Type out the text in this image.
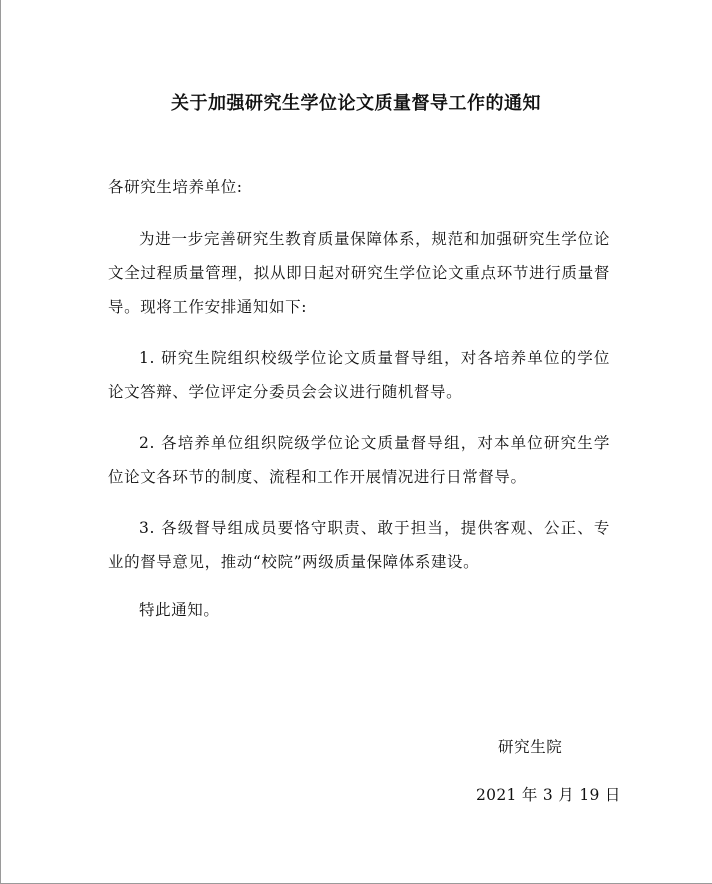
关于加强研究生学位论文质量督导工作的通知
各研究生培养单位:
为进一步完善研究生教育质量保障体系，规范和加强研究生学位论文全过程质量管理，拟从即日起对研究生学位论文重点环节进行质量督导。现将工作安排通知如下:
1. 研究生院组织校级学位论文质量督导组，对各培养单位的学位论文答辩、学位评定分委员会会议进行随机督导。
2. 各培养单位组织院级学位论文质量督导组，对本单位研究生学位论文各环节的制度、流程和工作开展情况进行日常督导。
3. 各级督导组成员要恪守职责、敢于担当，提供客观、公正、专业的督导意见，推动“校院”两级质量保障体系建设。
特此通知。
研究生院
2021 年 3 月 19 日
